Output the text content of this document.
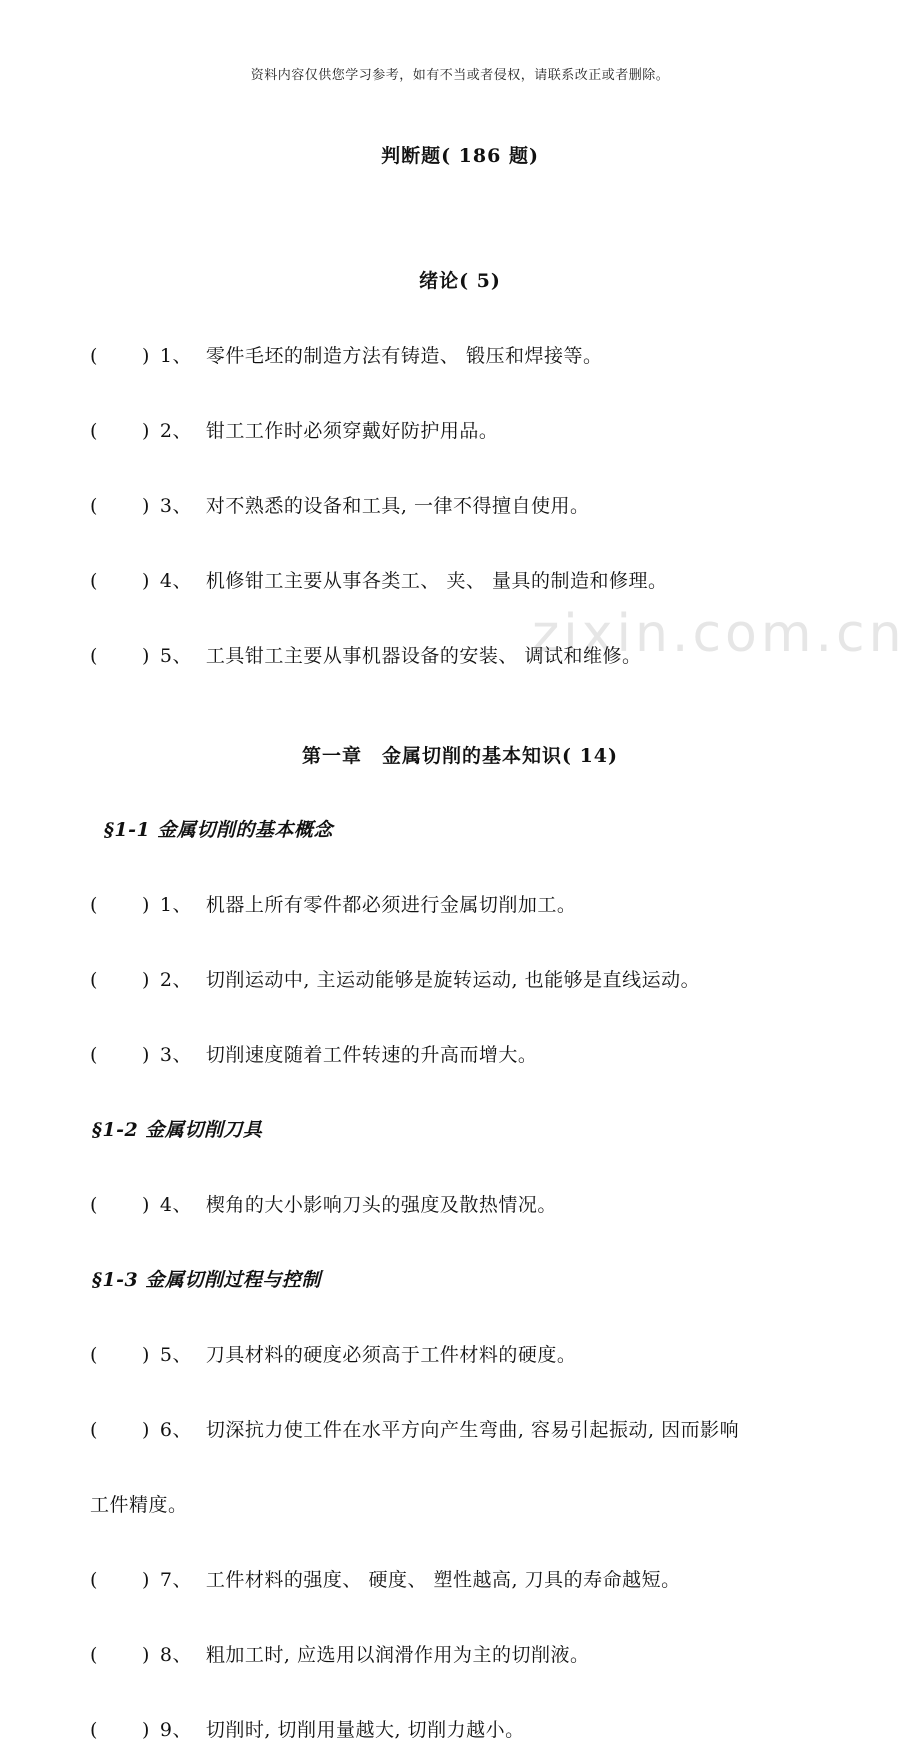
zixin.com.cn
资料内容仅供您学习参考，如有不当或者侵权，请联系改正或者删除。
判断题( 186 题)
绪论( 5)
( ) 1、 零件毛坯的制造方法有铸造、 锻压和焊接等。
( ) 2、 钳工工作时必须穿戴好防护用品。
( ) 3、 对不熟悉的设备和工具, 一律不得擅自使用。
( ) 4、 机修钳工主要从事各类工、 夹、 量具的制造和修理。
( ) 5、 工具钳工主要从事机器设备的安装、 调试和维修。
第一章　金属切削的基本知识( 14)
§1-1 金属切削的基本概念
( ) 1、 机器上所有零件都必须进行金属切削加工。
( ) 2、 切削运动中, 主运动能够是旋转运动, 也能够是直线运动。
( ) 3、 切削速度随着工件转速的升高而增大。
§1-2 金属切削刀具
( ) 4、 楔角的大小影响刀头的强度及散热情况。
§1-3 金属切削过程与控制
( ) 5、 刀具材料的硬度必须高于工件材料的硬度。
( ) 6、 切深抗力使工件在水平方向产生弯曲, 容易引起振动, 因而影响
工件精度。
( ) 7、 工件材料的强度、 硬度、 塑性越高, 刀具的寿命越短。
( ) 8、 粗加工时, 应选用以润滑作用为主的切削液。
( ) 9、 切削时, 切削用量越大, 切削力越小。
